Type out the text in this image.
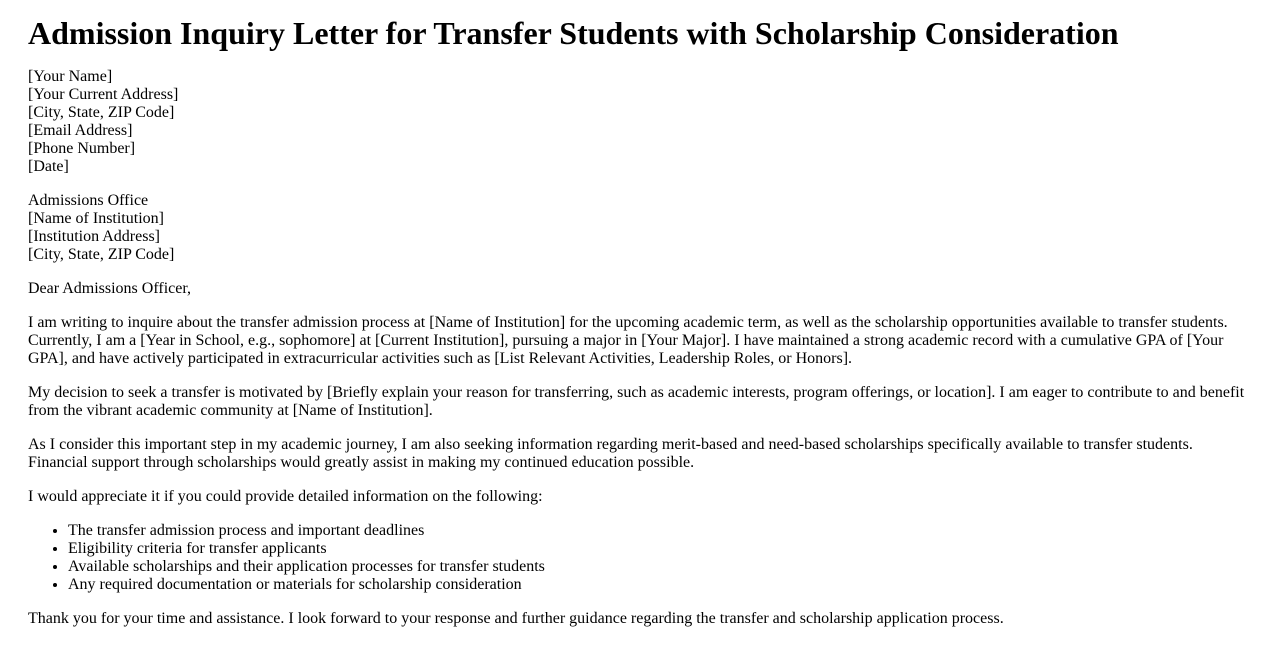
Admission Inquiry Letter for Transfer Students with Scholarship Consideration
[Your Name]
[Your Current Address]
[City, State, ZIP Code]
[Email Address]
[Phone Number]
[Date]
Admissions Office
[Name of Institution]
[Institution Address]
[City, State, ZIP Code]

Dear Admissions Officer,

I am writing to inquire about the transfer admission process at [Name of Institution] for the upcoming academic term, as well as the scholarship opportunities available to transfer students. Currently, I am a [Year in School, e.g., sophomore] at [Current Institution], pursuing a major in [Your Major]. I have maintained a strong academic record with a cumulative GPA of [Your GPA], and have actively participated in extracurricular activities such as [List Relevant Activities, Leadership Roles, or Honors].

My decision to seek a transfer is motivated by [Briefly explain your reason for transferring, such as academic interests, program offerings, or location]. I am eager to contribute to and benefit from the vibrant academic community at [Name of Institution].

As I consider this important step in my academic journey, I am also seeking information regarding merit-based and need-based scholarships specifically available to transfer students. Financial support through scholarships would greatly assist in making my continued education possible.

I would appreciate it if you could provide detailed information on the following:

• The transfer admission process and important deadlines
• Eligibility criteria for transfer applicants
• Available scholarships and their application processes for transfer students
• Any required documentation or materials for scholarship consideration

Thank you for your time and assistance. I look forward to your response and further guidance regarding the transfer and scholarship application process.
